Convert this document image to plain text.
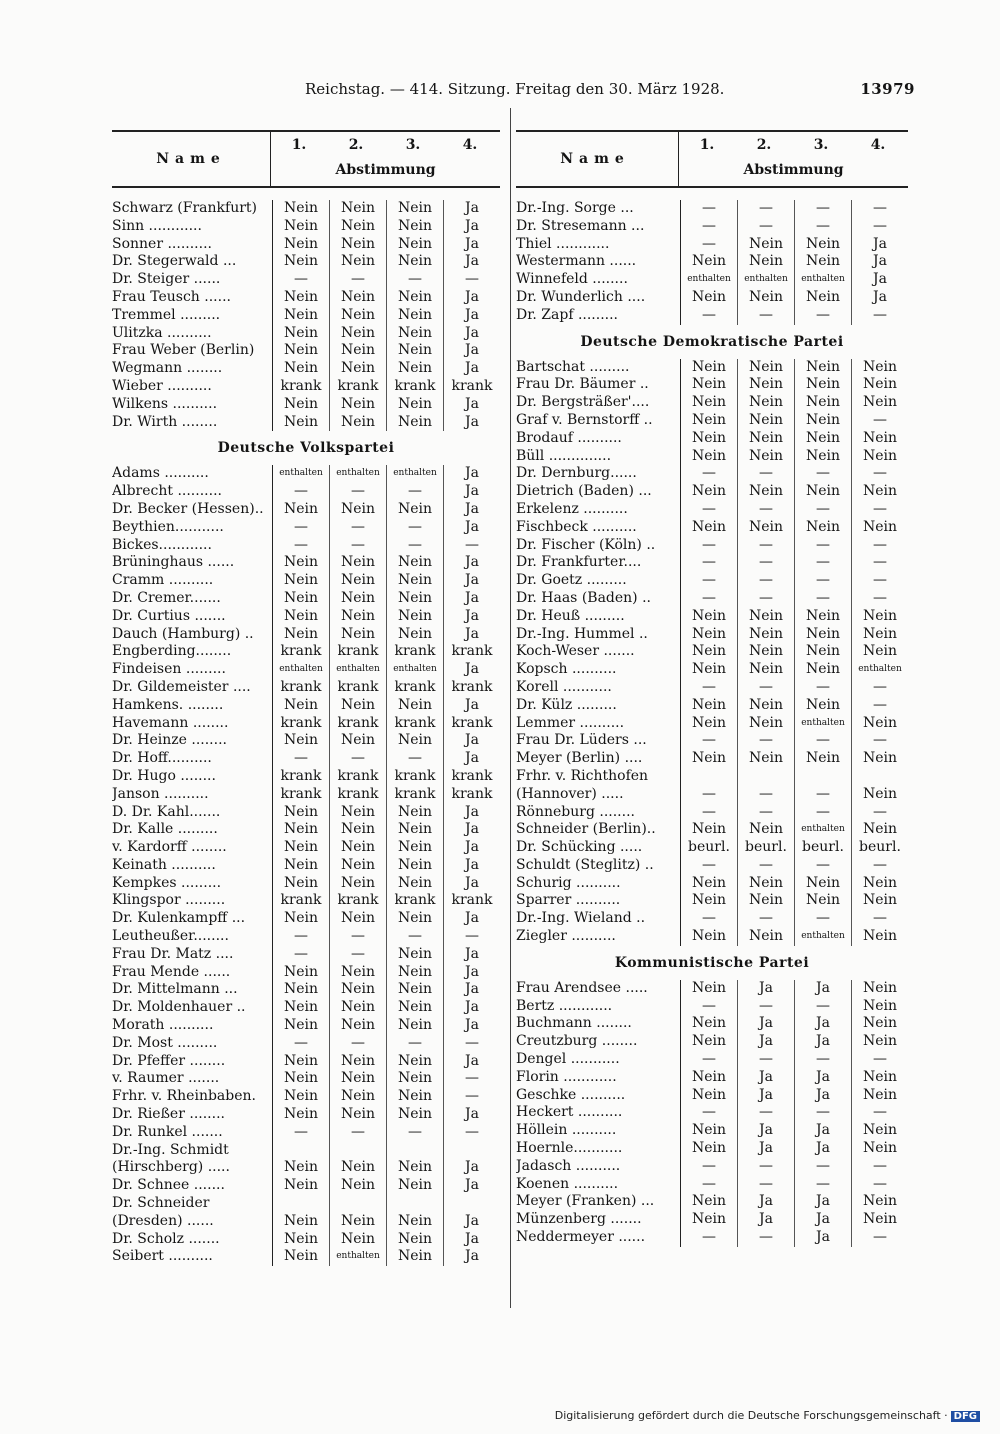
Reichstag. — 414. Sitzung. Freitag den 30. März 1928.	13979
Name
1.	2.	3.	4.
Abstimmung
Schwarz (Frankfurt)	Nein	Nein	Nein	Ja
Sinn ............	Nein	Nein	Nein	Ja
Sonner ..........	Nein	Nein	Nein	Ja
Dr. Stegerwald ...	Nein	Nein	Nein	Ja
Dr. Steiger ......	—	—	—	—
Frau Teusch ......	Nein	Nein	Nein	Ja
Tremmel .........	Nein	Nein	Nein	Ja
Ulitzka ..........	Nein	Nein	Nein	Ja
Frau Weber (Berlin)	Nein	Nein	Nein	Ja
Wegmann ........	Nein	Nein	Nein	Ja
Wieber ..........	krank	krank	krank	krank
Wilkens ..........	Nein	Nein	Nein	Ja
Dr. Wirth ........	Nein	Nein	Nein	Ja
Deutsche Volkspartei
Adams ..........	enthalten	enthalten	enthalten	Ja
Albrecht ..........	—	—	—	Ja
Dr. Becker (Hessen)..	Nein	Nein	Nein	Ja
Beythien...........	—	—	—	Ja
Bickes............	—	—	—	—
Brüninghaus ......	Nein	Nein	Nein	Ja
Cramm ..........	Nein	Nein	Nein	Ja
Dr. Cremer.......	Nein	Nein	Nein	Ja
Dr. Curtius .......	Nein	Nein	Nein	Ja
Dauch (Hamburg) ..	Nein	Nein	Nein	Ja
Engberding........	krank	krank	krank	krank
Findeisen .........	enthalten	enthalten	enthalten	Ja
Dr. Gildemeister ....	krank	krank	krank	krank
Hamkens. ........	Nein	Nein	Nein	Ja
Havemann ........	krank	krank	krank	krank
Dr. Heinze ........	Nein	Nein	Nein	Ja
Dr. Hoff..........	—	—	—	Ja
Dr. Hugo ........	krank	krank	krank	krank
Janson ..........	krank	krank	krank	krank
D. Dr. Kahl.......	Nein	Nein	Nein	Ja
Dr. Kalle .........	Nein	Nein	Nein	Ja
v. Kardorff ........	Nein	Nein	Nein	Ja
Keinath ..........	Nein	Nein	Nein	Ja
Kempkes .........	Nein	Nein	Nein	Ja
Klingspor .........	krank	krank	krank	krank
Dr. Kulenkampff ...	Nein	Nein	Nein	Ja
Leutheußer........	—	—	—	—
Frau Dr. Matz ....	—	—	Nein	Ja
Frau Mende ......	Nein	Nein	Nein	Ja
Dr. Mittelmann ...	Nein	Nein	Nein	Ja
Dr. Moldenhauer ..	Nein	Nein	Nein	Ja
Morath ..........	Nein	Nein	Nein	Ja
Dr. Most .........	—	—	—	—
Dr. Pfeffer ........	Nein	Nein	Nein	Ja
v. Raumer .......	Nein	Nein	Nein	—
Frhr. v. Rheinbaben.	Nein	Nein	Nein	—
Dr. Rießer ........	Nein	Nein	Nein	Ja
Dr. Runkel .......	—	—	—	—
Dr.-Ing. Schmidt				
(Hirschberg) .....	Nein	Nein	Nein	Ja
Dr. Schnee .......	Nein	Nein	Nein	Ja
Dr. Schneider				
(Dresden) ......	Nein	Nein	Nein	Ja
Dr. Scholz .......	Nein	Nein	Nein	Ja
Seibert ..........	Nein	enthalten	Nein	Ja
Name
1.	2.	3.	4.
Abstimmung
Dr.-Ing. Sorge ...	—	—	—	—
Dr. Stresemann ...	—	—	—	—
Thiel ............	—	Nein	Nein	Ja
Westermann ......	Nein	Nein	Nein	Ja
Winnefeld ........	enthalten	enthalten	enthalten	Ja
Dr. Wunderlich ....	Nein	Nein	Nein	Ja
Dr. Zapf .........	—	—	—	—
Deutsche Demokratische Partei
Bartschat .........	Nein	Nein	Nein	Nein
Frau Dr. Bäumer ..	Nein	Nein	Nein	Nein
Dr. Bergsträßer'....	Nein	Nein	Nein	Nein
Graf v. Bernstorff ..	Nein	Nein	Nein	—
Brodauf ..........	Nein	Nein	Nein	Nein
Büll ..............	Nein	Nein	Nein	Nein
Dr. Dernburg......	—	—	—	—
Dietrich (Baden) ...	Nein	Nein	Nein	Nein
Erkelenz ..........	—	—	—	—
Fischbeck ..........	Nein	Nein	Nein	Nein
Dr. Fischer (Köln) ..	—	—	—	—
Dr. Frankfurter....	—	—	—	—
Dr. Goetz .........	—	—	—	—
Dr. Haas (Baden) ..	—	—	—	—
Dr. Heuß .........	Nein	Nein	Nein	Nein
Dr.-Ing. Hummel ..	Nein	Nein	Nein	Nein
Koch-Weser .......	Nein	Nein	Nein	Nein
Kopsch ..........	Nein	Nein	Nein	enthalten
Korell ...........	—	—	—	—
Dr. Külz .........	Nein	Nein	Nein	—
Lemmer ..........	Nein	Nein	enthalten	Nein
Frau Dr. Lüders ...	—	—	—	—
Meyer (Berlin) ....	Nein	Nein	Nein	Nein
Frhr. v. Richthofen				
(Hannover) .....	—	—	—	Nein
Rönneburg ........	—	—	—	—
Schneider (Berlin)..	Nein	Nein	enthalten	Nein
Dr. Schücking .....	beurl.	beurl.	beurl.	beurl.
Schuldt (Steglitz) ..	—	—	—	—
Schurig ..........	Nein	Nein	Nein	Nein
Sparrer ..........	Nein	Nein	Nein	Nein
Dr.-Ing. Wieland ..	—	—	—	—
Ziegler ..........	Nein	Nein	enthalten	Nein
Kommunistische Partei
Frau Arendsee .....	Nein	Ja	Ja	Nein
Bertz ............	—	—	—	Nein
Buchmann ........	Nein	Ja	Ja	Nein
Creutzburg ........	Nein	Ja	Ja	Nein
Dengel ...........	—	—	—	—
Florin ............	Nein	Ja	Ja	Nein
Geschke ..........	Nein	Ja	Ja	Nein
Heckert ..........	—	—	—	—
Höllein ..........	Nein	Ja	Ja	Nein
Hoernle...........	Nein	Ja	Ja	Nein
Jadasch ..........	—	—	—	—
Koenen ..........	—	—	—	—
Meyer (Franken) ...	Nein	Ja	Ja	Nein
Münzenberg .......	Nein	Ja	Ja	Nein
Neddermeyer ......	—	—	Ja	—
Digitalisierung gefördert durch die Deutsche Forschungsgemeinschaft · DFG
